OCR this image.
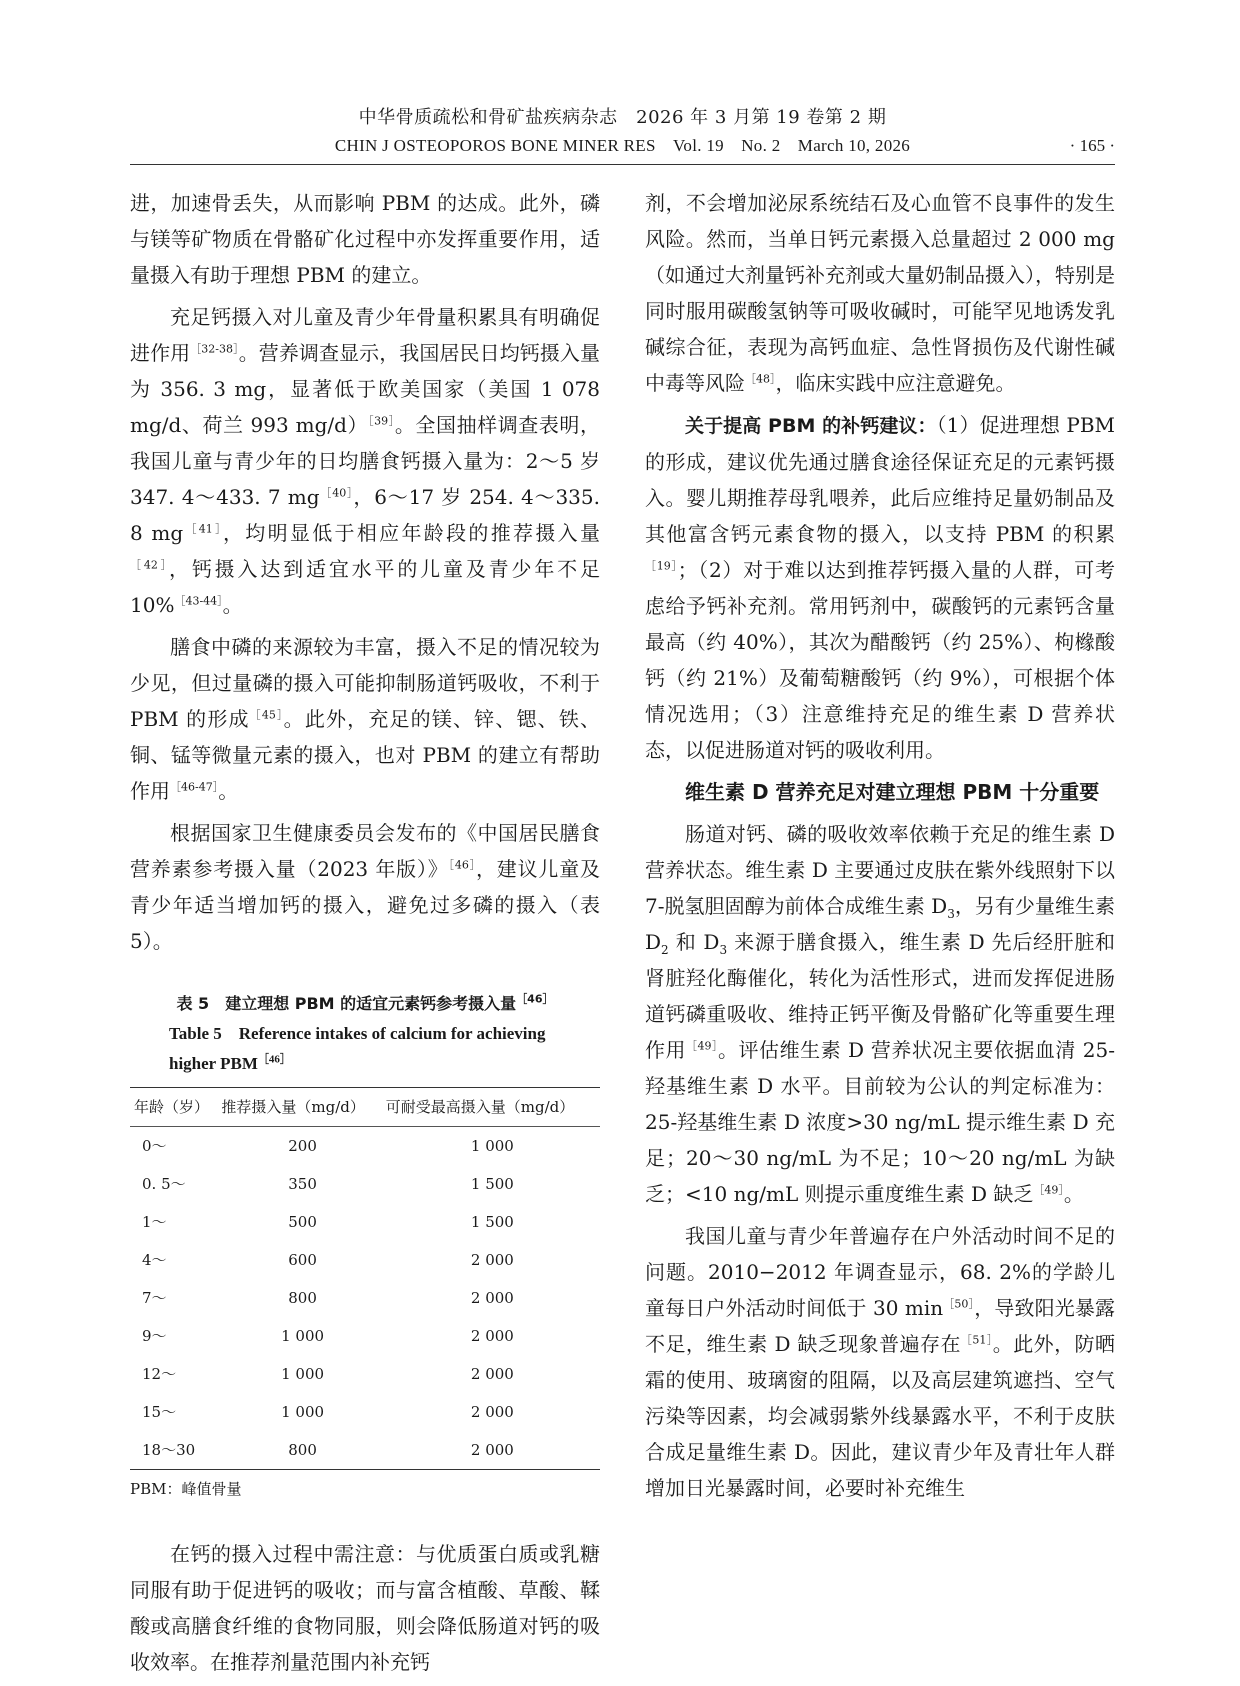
中华骨质疏松和骨矿盐疾病杂志　2026 年 3 月第 19 卷第 2 期
CHIN J OSTEOPOROS BONE MINER RES　Vol. 19　No. 2　March 10, 2026	· 165 ·

进，加速骨丢失，从而影响 PBM 的达成。此外，磷与镁等矿物质在骨骼矿化过程中亦发挥重要作用，适量摄入有助于理想 PBM 的建立。

充足钙摄入对儿童及青少年骨量积累具有明确促进作用$^{[32-38]}$。营养调查显示，我国居民日均钙摄入量为 356. 3 mg，显著低于欧美国家（美国 1 078 mg/d、荷兰 993 mg/d）$^{[39]}$。全国抽样调查表明，我国儿童与青少年的日均膳食钙摄入量为：2～5 岁 347. 4～433. 7 $mg^{[40]}$，6～17 岁 254. 4～335. 8 $mg^{[41]}$，均明显低于相应年龄段的推荐摄入量$^{[42]}$，钙摄入达到适宜水平的儿童及青少年不足 10%$^{[43-44]}$。

膳食中磷的来源较为丰富，摄入不足的情况较为少见，但过量磷的摄入可能抑制肠道钙吸收，不利于 PBM 的形成$^{[45]}$。此外，充足的镁、锌、锶、铁、铜、锰等微量元素的摄入，也对 PBM 的建立有帮助作用$^{[46-47]}$。

根据国家卫生健康委员会发布的《中国居民膳食营养素参考摄入量（2023 年版）》$^{[46]}$，建议儿童及青少年适当增加钙的摄入，避免过多磷的摄入（表 5）。

表 5　建立理想 PBM 的适宜元素钙参考摄入量$^{[46]}$
Table 5　Reference intakes of calcium for achieving higher $PBM^{[46]}$
年龄（岁）	推荐摄入量（mg/d）	可耐受最高摄入量（mg/d）
0～	200	1 000
0. 5～	350	1 500
1～	500	1 500
4～	600	2 000
7～	800	2 000
9～	1 000	2 000
12～	1 000	2 000
15～	1 000	2 000
18～30	800	2 000
PBM：峰值骨量

在钙的摄入过程中需注意：与优质蛋白质或乳糖同服有助于促进钙的吸收；而与富含植酸、草酸、鞣酸或高膳食纤维的食物同服，则会降低肠道对钙的吸收效率。在推荐剂量范围内补充钙

剂，不会增加泌尿系统结石及心血管不良事件的发生风险。然而，当单日钙元素摄入总量超过 2 000 mg（如通过大剂量钙补充剂或大量奶制品摄入），特别是同时服用碳酸氢钠等可吸收碱时，可能罕见地诱发乳碱综合征，表现为高钙血症、急性肾损伤及代谢性碱中毒等风险$^{[48]}$，临床实践中应注意避免。

关于提高 PBM 的补钙建议：（1）促进理想 PBM 的形成，建议优先通过膳食途径保证充足的元素钙摄入。婴儿期推荐母乳喂养，此后应维持足量奶制品及其他富含钙元素食物的摄入，以支持 PBM 的积累$^{[19]}$；（2）对于难以达到推荐钙摄入量的人群，可考虑给予钙补充剂。常用钙剂中，碳酸钙的元素钙含量最高（约 40%），其次为醋酸钙（约 25%）、枸橼酸钙（约 21%）及葡萄糖酸钙（约 9%），可根据个体情况选用；（3）注意维持充足的维生素 D 营养状态，以促进肠道对钙的吸收利用。

维生素 D 营养充足对建立理想 PBM 十分重要

肠道对钙、磷的吸收效率依赖于充足的维生素 D 营养状态。维生素 D 主要通过皮肤在紫外线照射下以 7-脱氢胆固醇为前体合成维生素 $D_3$，另有少量维生素 $D_2$ 和 $D_3$ 来源于膳食摄入，维生素 D 先后经肝脏和肾脏羟化酶催化，转化为活性形式，进而发挥促进肠道钙磷重吸收、维持正钙平衡及骨骼矿化等重要生理作用$^{[49]}$。评估维生素 D 营养状况主要依据血清 25-羟基维生素 D 水平。目前较为公认的判定标准为：25-羟基维生素 D 浓度>30 ng/mL 提示维生素 D 充足；20～30 ng/mL 为不足；10～20 ng/mL 为缺乏；<10 ng/mL 则提示重度维生素 D 缺乏$^{[49]}$。

我国儿童与青少年普遍存在户外活动时间不足的问题。2010−2012 年调查显示，68. 2%的学龄儿童每日户外活动时间低于 30 $\min^{[50]}$，导致阳光暴露不足，维生素 D 缺乏现象普遍存在$^{[51]}$。此外，防晒霜的使用、玻璃窗的阻隔，以及高层建筑遮挡、空气污染等因素，均会减弱紫外线暴露水平，不利于皮肤合成足量维生素 D。因此，建议青少年及青壮年人群增加日光暴露时间，必要时补充维生
